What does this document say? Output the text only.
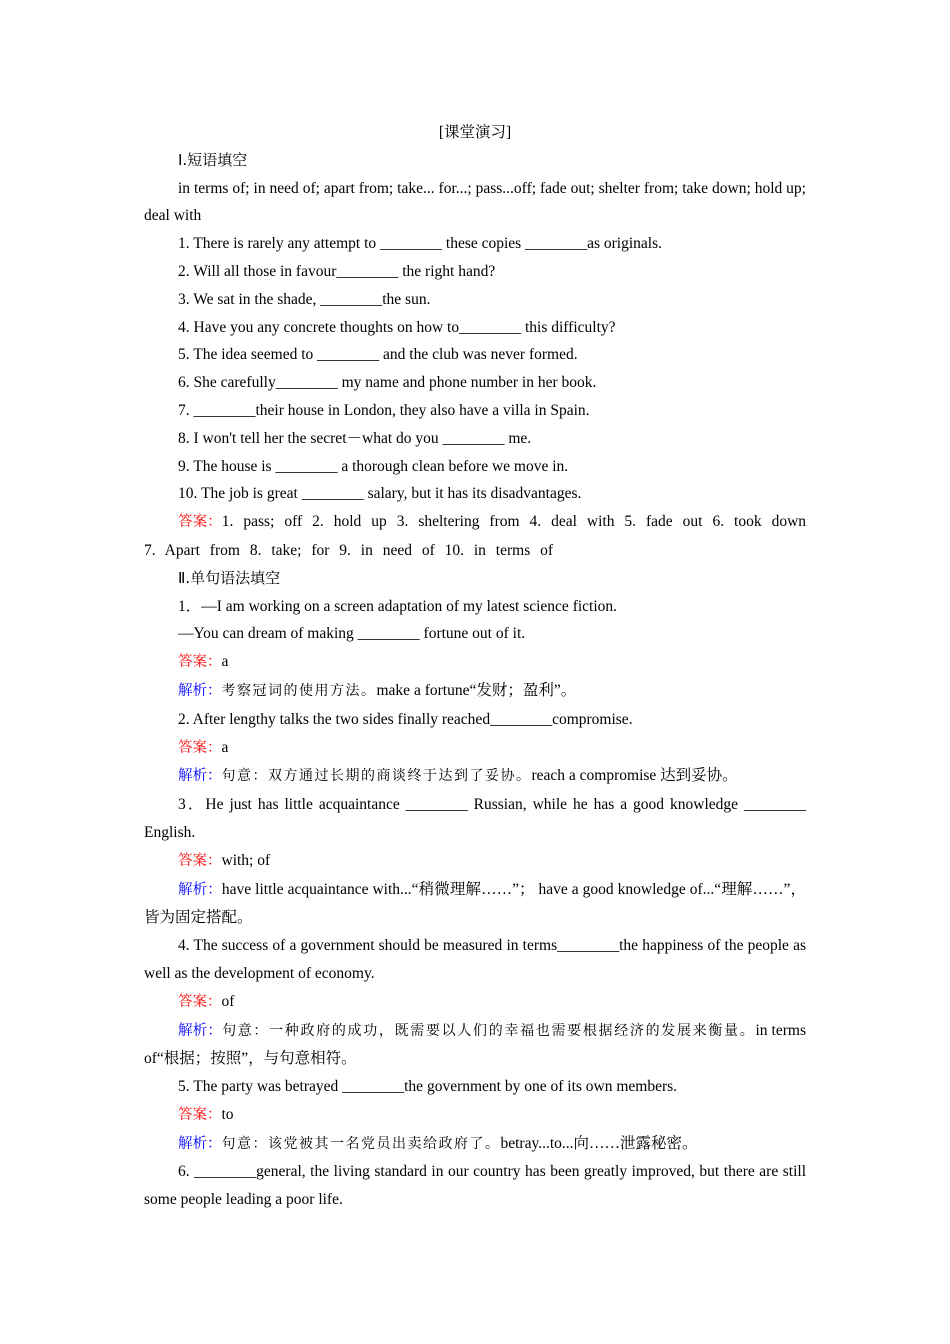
[课堂演习]

Ⅰ.短语填空

in terms of; in need of; apart from; take... for...; pass...off; fade out; shelter from; take down; hold up; deal with

1. There is rarely any attempt to ________ these copies ________as originals.

2. Will all those in favour________ the right hand?

3. We sat in the shade, ________the sun.

4. Have you any concrete thoughts on how to________ this difficulty?

5. The idea seemed to ________ and the club was never formed.

6. She carefully________ my name and phone number in her book.

7. ________their house in London, they also have a villa in Spain.

8. I won't tell her the secret－what do you ________ me.

9. The house is ________ a thorough clean before we move in.

10. The job is great ________ salary, but it has its disadvantages.

答案：1. pass; off 2. hold up 3. sheltering from 4. deal with 5. fade out 6. took down 7. Apart from 8. take; for 9. in need of 10. in terms of

Ⅱ.单句语法填空

1．—I am working on a screen adaptation of my latest science fiction.

—You can dream of making ________ fortune out of it.

答案：a

解析：考察冠词的使用方法。make a fortune“发财；盈利”。

2. After lengthy talks the two sides finally reached________compromise.

答案：a

解析：句意：双方通过长期的商谈终于达到了妥协。reach a compromise 达到妥协。

3．He just has little acquaintance ________ Russian, while he has a good knowledge ________ English.

答案：with; of

解析：have little acquaintance with...“稍微理解……”； have a good knowledge of...“理解……”，皆为固定搭配。

4. The success of a government should be measured in terms________the happiness of the people as well as the development of economy.

答案：of

解析：句意：一种政府的成功，既需要以人们的幸福也需要根据经济的发展来衡量。in terms of“根据；按照”，与句意相符。

5. The party was betrayed ________the government by one of its own members.

答案：to

解析：句意：该党被其一名党员出卖给政府了。betray...to...向……泄露秘密。

6. ________general, the living standard in our country has been greatly improved, but there are still some people leading a poor life.
